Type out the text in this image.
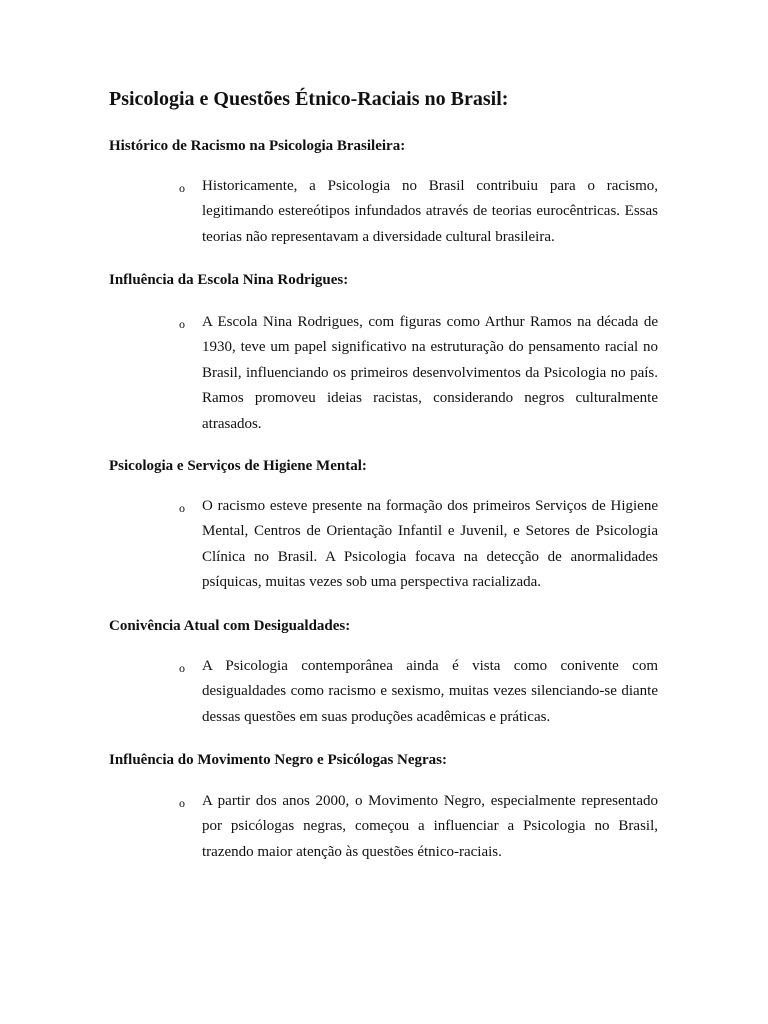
Psicologia e Questões Étnico-Raciais no Brasil:
Histórico de Racismo na Psicologia Brasileira:
o Historicamente, a Psicologia no Brasil contribuiu para o racismo, legitimando estereótipos infundados através de teorias eurocêntricas. Essas teorias não representavam a diversidade cultural brasileira.
Influência da Escola Nina Rodrigues:
o A Escola Nina Rodrigues, com figuras como Arthur Ramos na década de 1930, teve um papel significativo na estruturação do pensamento racial no Brasil, influenciando os primeiros desenvolvimentos da Psicologia no país. Ramos promoveu ideias racistas, considerando negros culturalmente atrasados.
Psicologia e Serviços de Higiene Mental:
o O racismo esteve presente na formação dos primeiros Serviços de Higiene Mental, Centros de Orientação Infantil e Juvenil, e Setores de Psicologia Clínica no Brasil. A Psicologia focava na detecção de anormalidades psíquicas, muitas vezes sob uma perspectiva racializada.
Conivência Atual com Desigualdades:
o A Psicologia contemporânea ainda é vista como conivente com desigualdades como racismo e sexismo, muitas vezes silenciando-se diante dessas questões em suas produções acadêmicas e práticas.
Influência do Movimento Negro e Psicólogas Negras:
o A partir dos anos 2000, o Movimento Negro, especialmente representado por psicólogas negras, começou a influenciar a Psicologia no Brasil, trazendo maior atenção às questões étnico-raciais.
